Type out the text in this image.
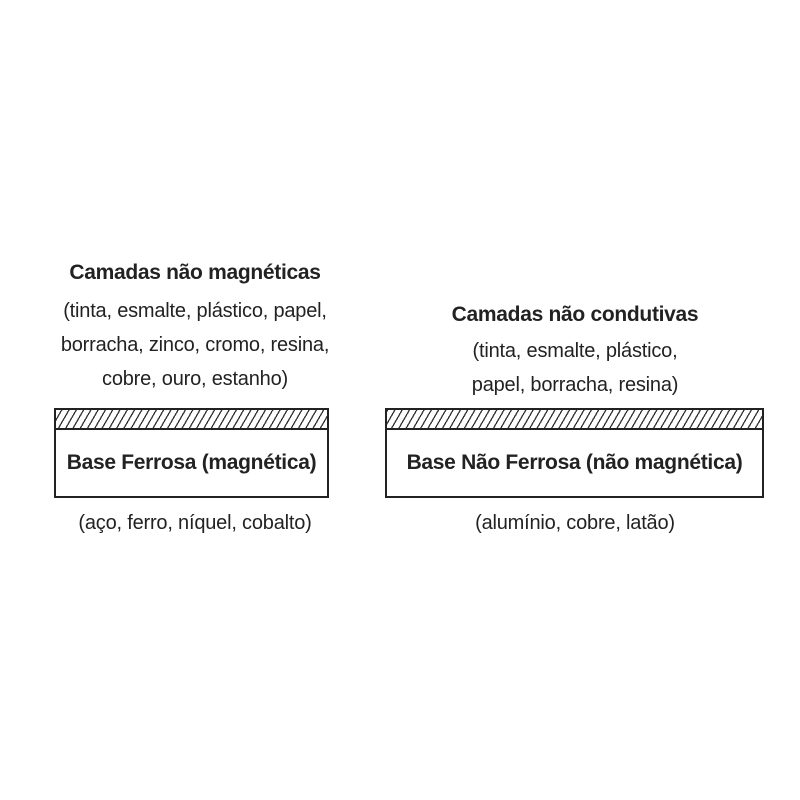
Camadas não magnéticas

(tinta, esmalte, plástico, papel,
borracha, zinco, cromo, resina,
cobre, ouro, estanho)
Base Ferrosa (magnética)
(aço, ferro, níquel, cobalto)

Camadas não condutivas

(tinta, esmalte, plástico,
papel, borracha, resina)
Base Não Ferrosa (não magnética)
(alumínio, cobre, latão)
